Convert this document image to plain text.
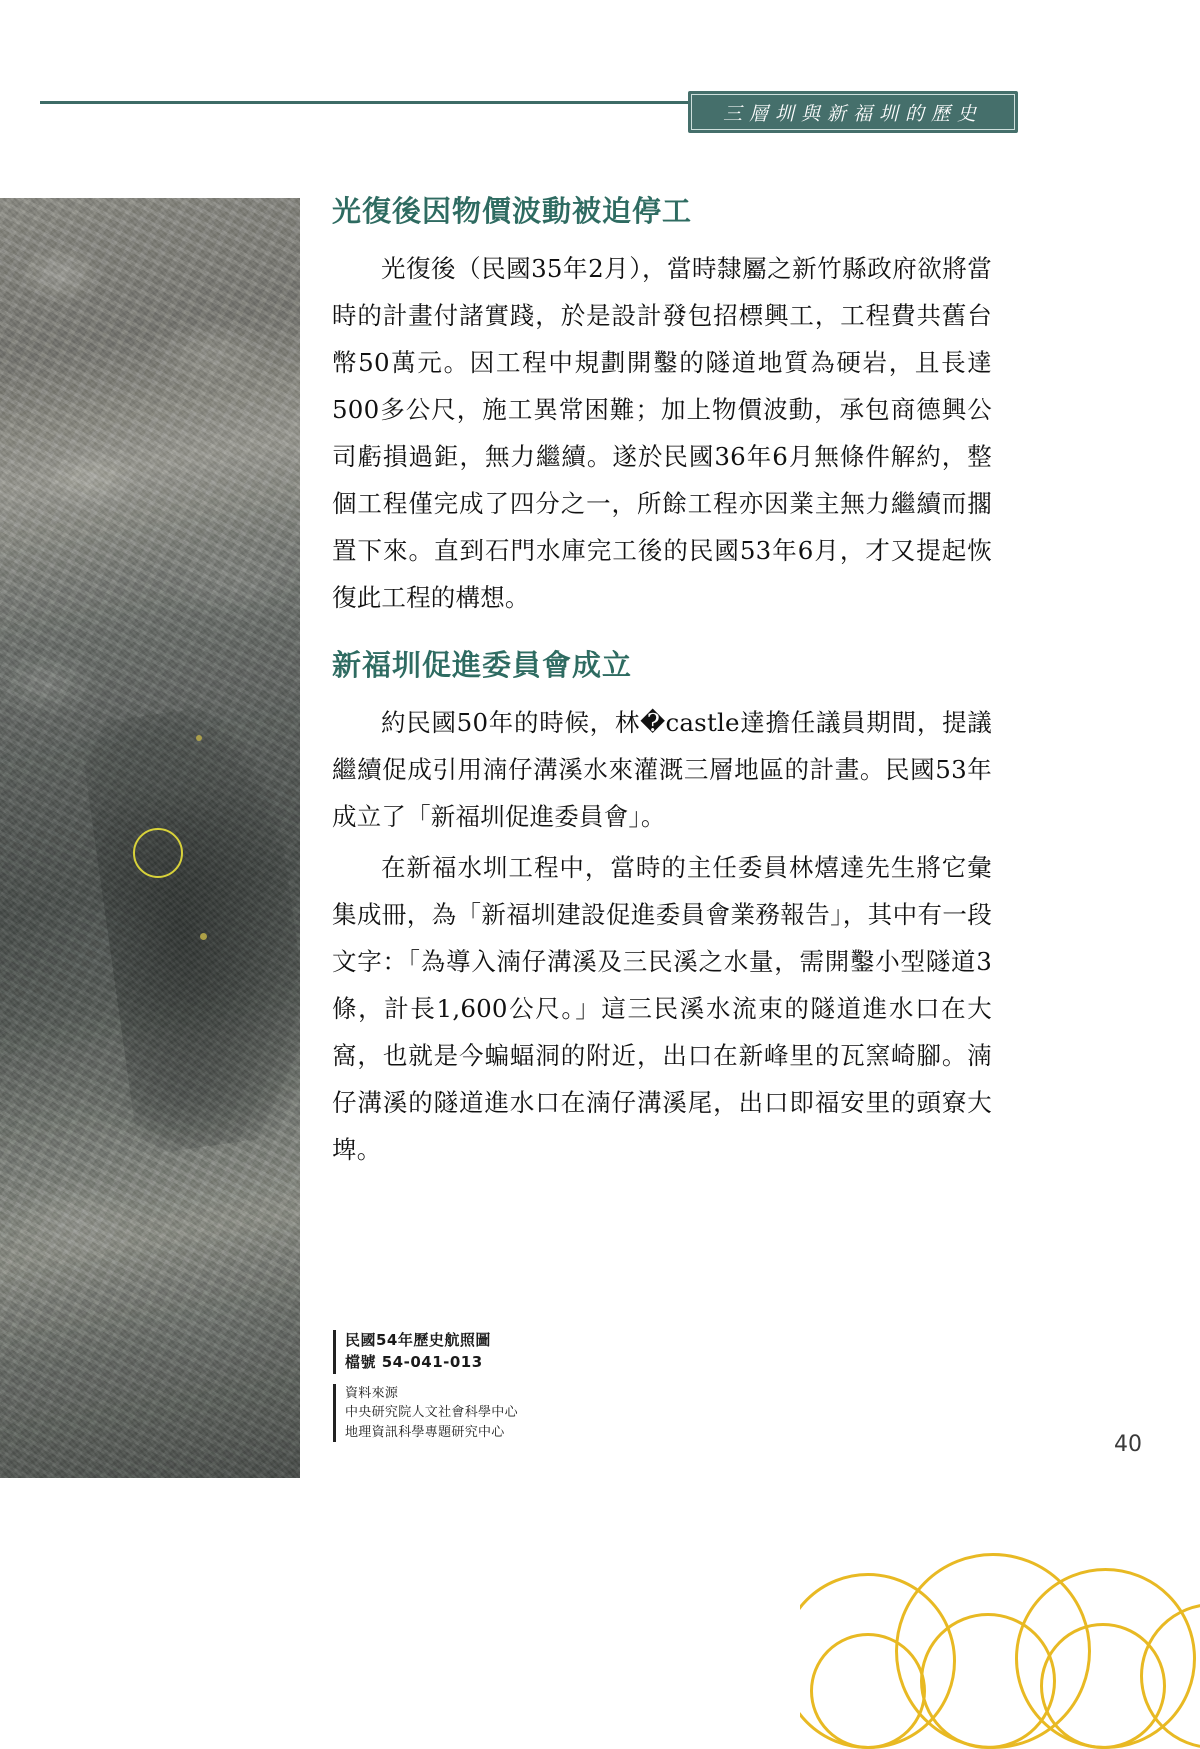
三層圳與新福圳的歷史
民國54年歷史航照圖
檔號 54-041-013
資料來源
中央研究院人文社會科學中心
地理資訊科學專題研究中心
光復後因物價波動被迫停工

光復後（民國35年2月），當時隸屬之新竹縣政府欲將當時的計畫付諸實踐，於是設計發包招標興工，工程費共舊台幣50萬元。因工程中規劃開鑿的隧道地質為硬岩，且長達500多公尺，施工異常困難；加上物價波動，承包商德興公司虧損過鉅，無力繼續。遂於民國36年6月無條件解約，整個工程僅完成了四分之一，所餘工程亦因業主無力繼續而擱置下來。直到石門水庫完工後的民國53年6月，才又提起恢復此工程的構想。

新福圳促進委員會成立

約民國50年的時候，林�castle達擔任議員期間，提議繼續促成引用湳仔溝溪水來灌溉三層地區的計畫。民國53年成立了「新福圳促進委員會」。

在新福水圳工程中，當時的主任委員林熺達先生將它彙集成冊，為「新福圳建設促進委員會業務報告」，其中有一段文字：「為導入湳仔溝溪及三民溪之水量，需開鑿小型隧道3條，計長1,600公尺。」這三民溪水流束的隧道進水口在大窩，也就是今蝙蝠洞的附近，出口在新峰里的瓦窯崎腳。湳仔溝溪的隧道進水口在湳仔溝溪尾，出口即福安里的頭寮大埤。

40
